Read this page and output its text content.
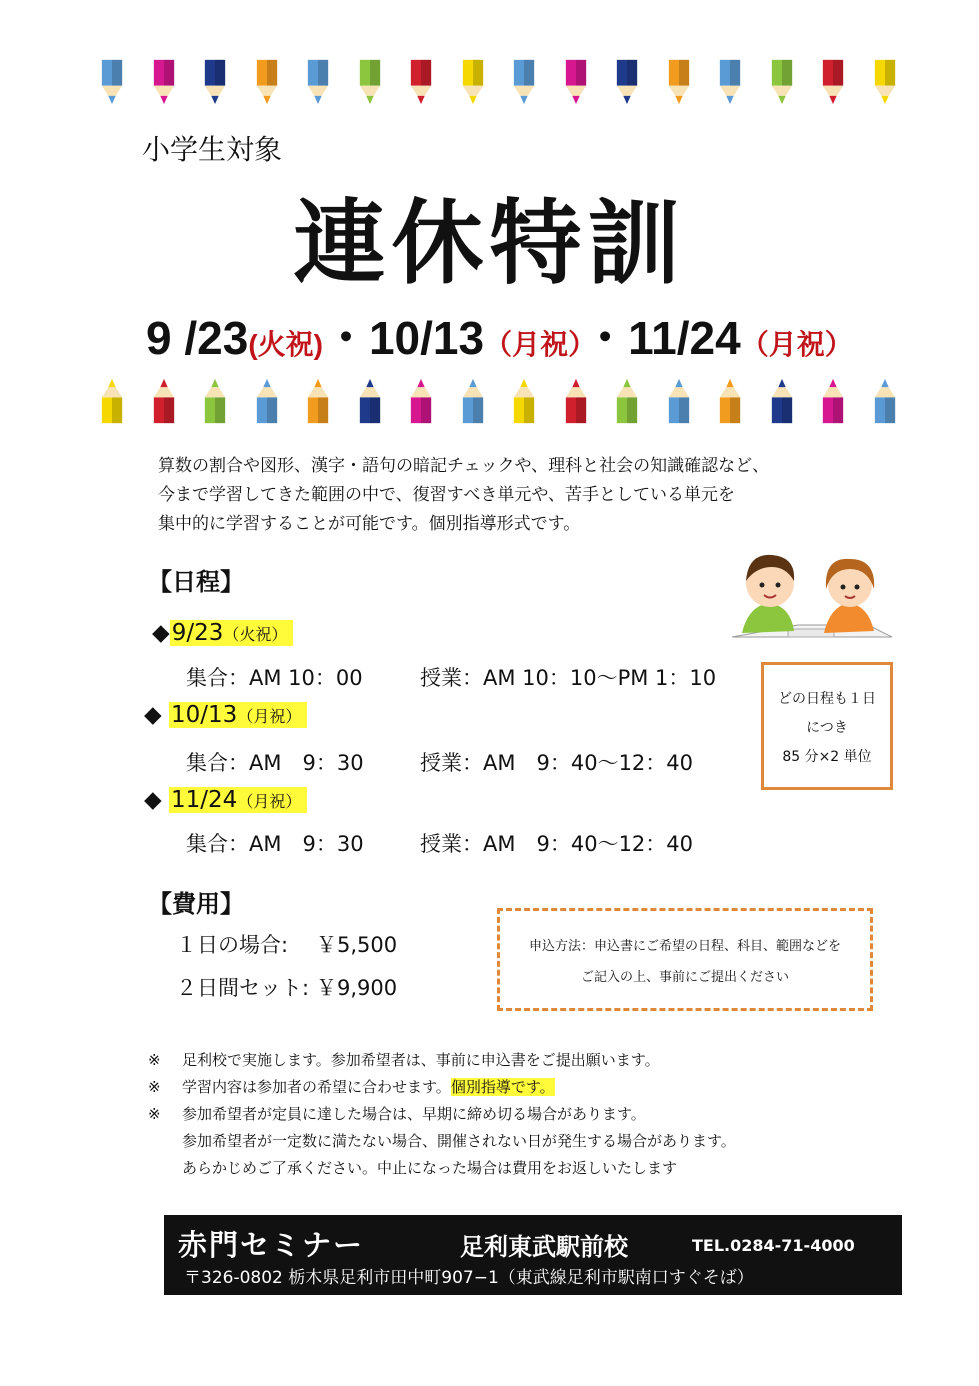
小学生対象
連休特訓
9 /23(火祝)・10/13（月祝）・11/24（月祝）
算数の割合や図形、漢字・語句の暗記チェックや、理科と社会の知識確認など、
今まで学習してきた範囲の中で、復習すべき単元や、苦手としている単元を
集中的に学習することが可能です。個別指導形式です。
【日程】
◆9/23（火祝）
集合：AM 10：00	授業：AM 10：10〜PM 1：10
◆ 10/13（月祝）
集合：AM　9：30	授業：AM　9：40〜12：40
◆ 11/24（月祝）
集合：AM　9：30	授業：AM　9：40〜12：40
どの日程も１日
につき
85 分×2 単位
【費用】
１日の場合: ￥5,500
２日間セット: ￥9,900
申込方法：申込書にご希望の日程、科目、範囲などを
ご記入の上、事前にご提出ください
※ 足利校で実施します。参加希望者は、事前に申込書をご提出願います。
※ 学習内容は参加者の希望に合わせます。個別指導です。
※ 参加希望者が定員に達した場合は、早期に締め切る場合があります。
参加希望者が一定数に満たない場合、開催されない日が発生する場合があります。
あらかじめご了承ください。中止になった場合は費用をお返しいたします
赤門セミナー	足利東武駅前校	TEL.0284-71-4000
〒326-0802 栃木県足利市田中町907−1（東武線足利市駅南口すぐそば）
